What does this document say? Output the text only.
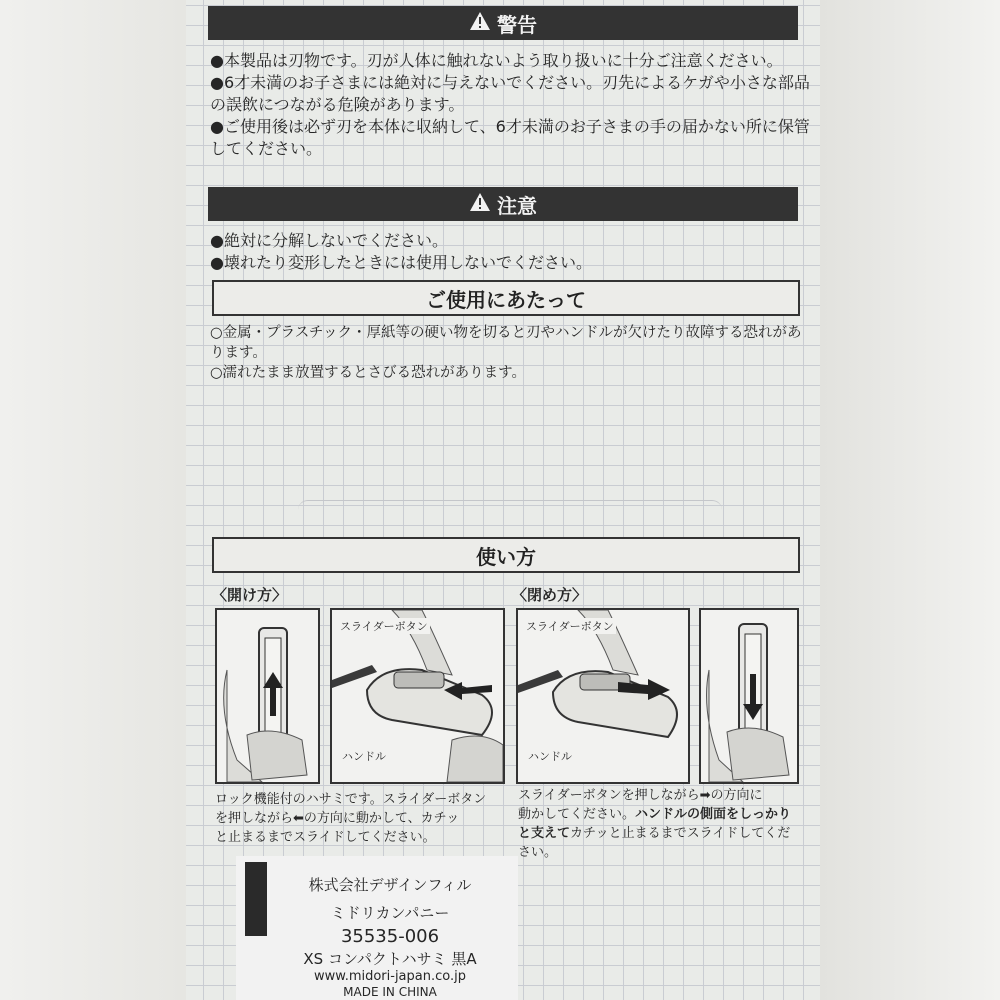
警告

●本製品は刃物です。刃が人体に触れないよう取り扱いに十分ご注意ください。

●6才未満のお子さまには絶対に与えないでください。刃先によるケガや小さな部品の誤飲につながる危険があります。

●ご使用後は必ず刃を本体に収納して、6才未満のお子さまの手の届かない所に保管してください。

注意

●絶対に分解しないでください。

●壊れたり変形したときには使用しないでください。

ご使用にあたって

○金属・プラスチック・厚紙等の硬い物を切ると刃やハンドルが欠けたり故障する恐れがあります。

○濡れたまま放置するとさびる恐れがあります。

使い方
〈開け方〉	〈閉め方〉
スライダーボタン
ハンドル
スライダーボタン
ハンドル
ロック機能付のハサミです。スライダーボタン
を押しながら⬅の方向に動かして、カチッ
と止まるまでスライドしてください。
スライダーボタンを押しながら➡の方向に
動かしてください。ハンドルの側面をしっかり
と支えてカチッと止まるまでスライドしてくだ
さい。
株式会社デザインフィル
ミドリカンパニー
35535-006
XS コンパクトハサミ 黒A
www.midori-japan.co.jp
MADE IN CHINA
